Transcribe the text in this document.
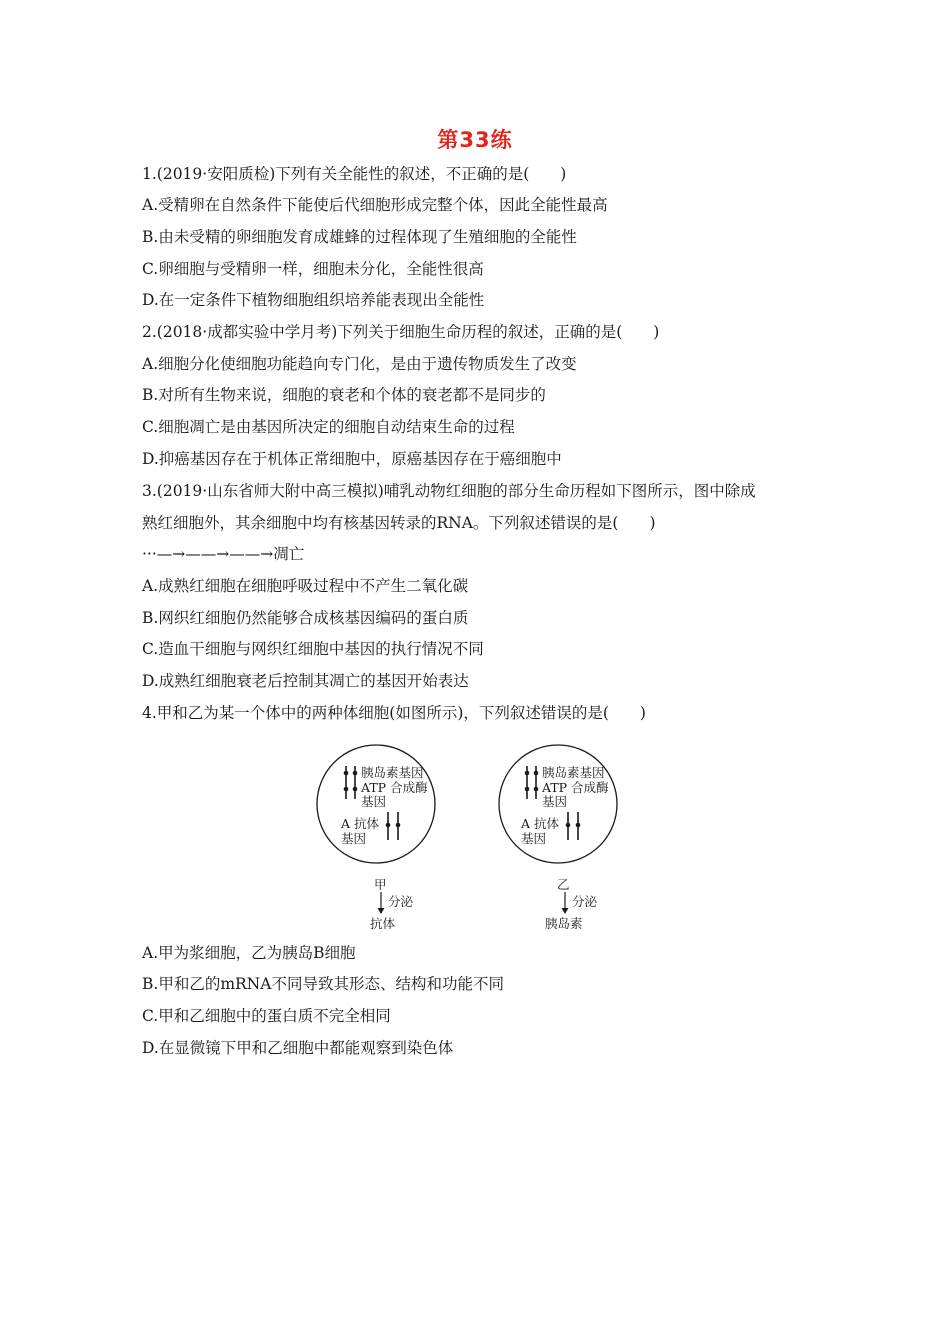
第33练
1.(2019·安阳质检)下列有关全能性的叙述，不正确的是(　　)
A.受精卵在自然条件下能使后代细胞形成完整个体，因此全能性最高
B.由未受精的卵细胞发育成雄蜂的过程体现了生殖细胞的全能性
C.卵细胞与受精卵一样，细胞未分化，全能性很高
D.在一定条件下植物细胞组织培养能表现出全能性
2.(2018·成都实验中学月考)下列关于细胞生命历程的叙述，正确的是(　　)
A.细胞分化使细胞功能趋向专门化，是由于遗传物质发生了改变
B.对所有生物来说，细胞的衰老和个体的衰老都不是同步的
C.细胞凋亡是由基因所决定的细胞自动结束生命的过程
D.抑癌基因存在于机体正常细胞中，原癌基因存在于癌细胞中
3.(2019·山东省师大附中高三模拟)哺乳动物红细胞的部分生命历程如下图所示，图中除成
熟红细胞外，其余细胞中均有核基因转录的RNA。下列叙述错误的是(　　)
···—→——→——→凋亡
A.成熟红细胞在细胞呼吸过程中不产生二氧化碳
B.网织红细胞仍然能够合成核基因编码的蛋白质
C.造血干细胞与网织红细胞中基因的执行情况不同
D.成熟红细胞衰老后控制其凋亡的基因开始表达
4.甲和乙为某一个体中的两种体细胞(如图所示)，下列叙述错误的是(　　)
胰岛素基因
ATP 合成酶
基因
A 抗体
基因
甲
分泌
抗体
胰岛素基因
ATP 合成酶
基因
A 抗体
基因
乙
分泌
胰岛素
A.甲为浆细胞，乙为胰岛B细胞
B.甲和乙的mRNA不同导致其形态、结构和功能不同
C.甲和乙细胞中的蛋白质不完全相同
D.在显微镜下甲和乙细胞中都能观察到染色体
